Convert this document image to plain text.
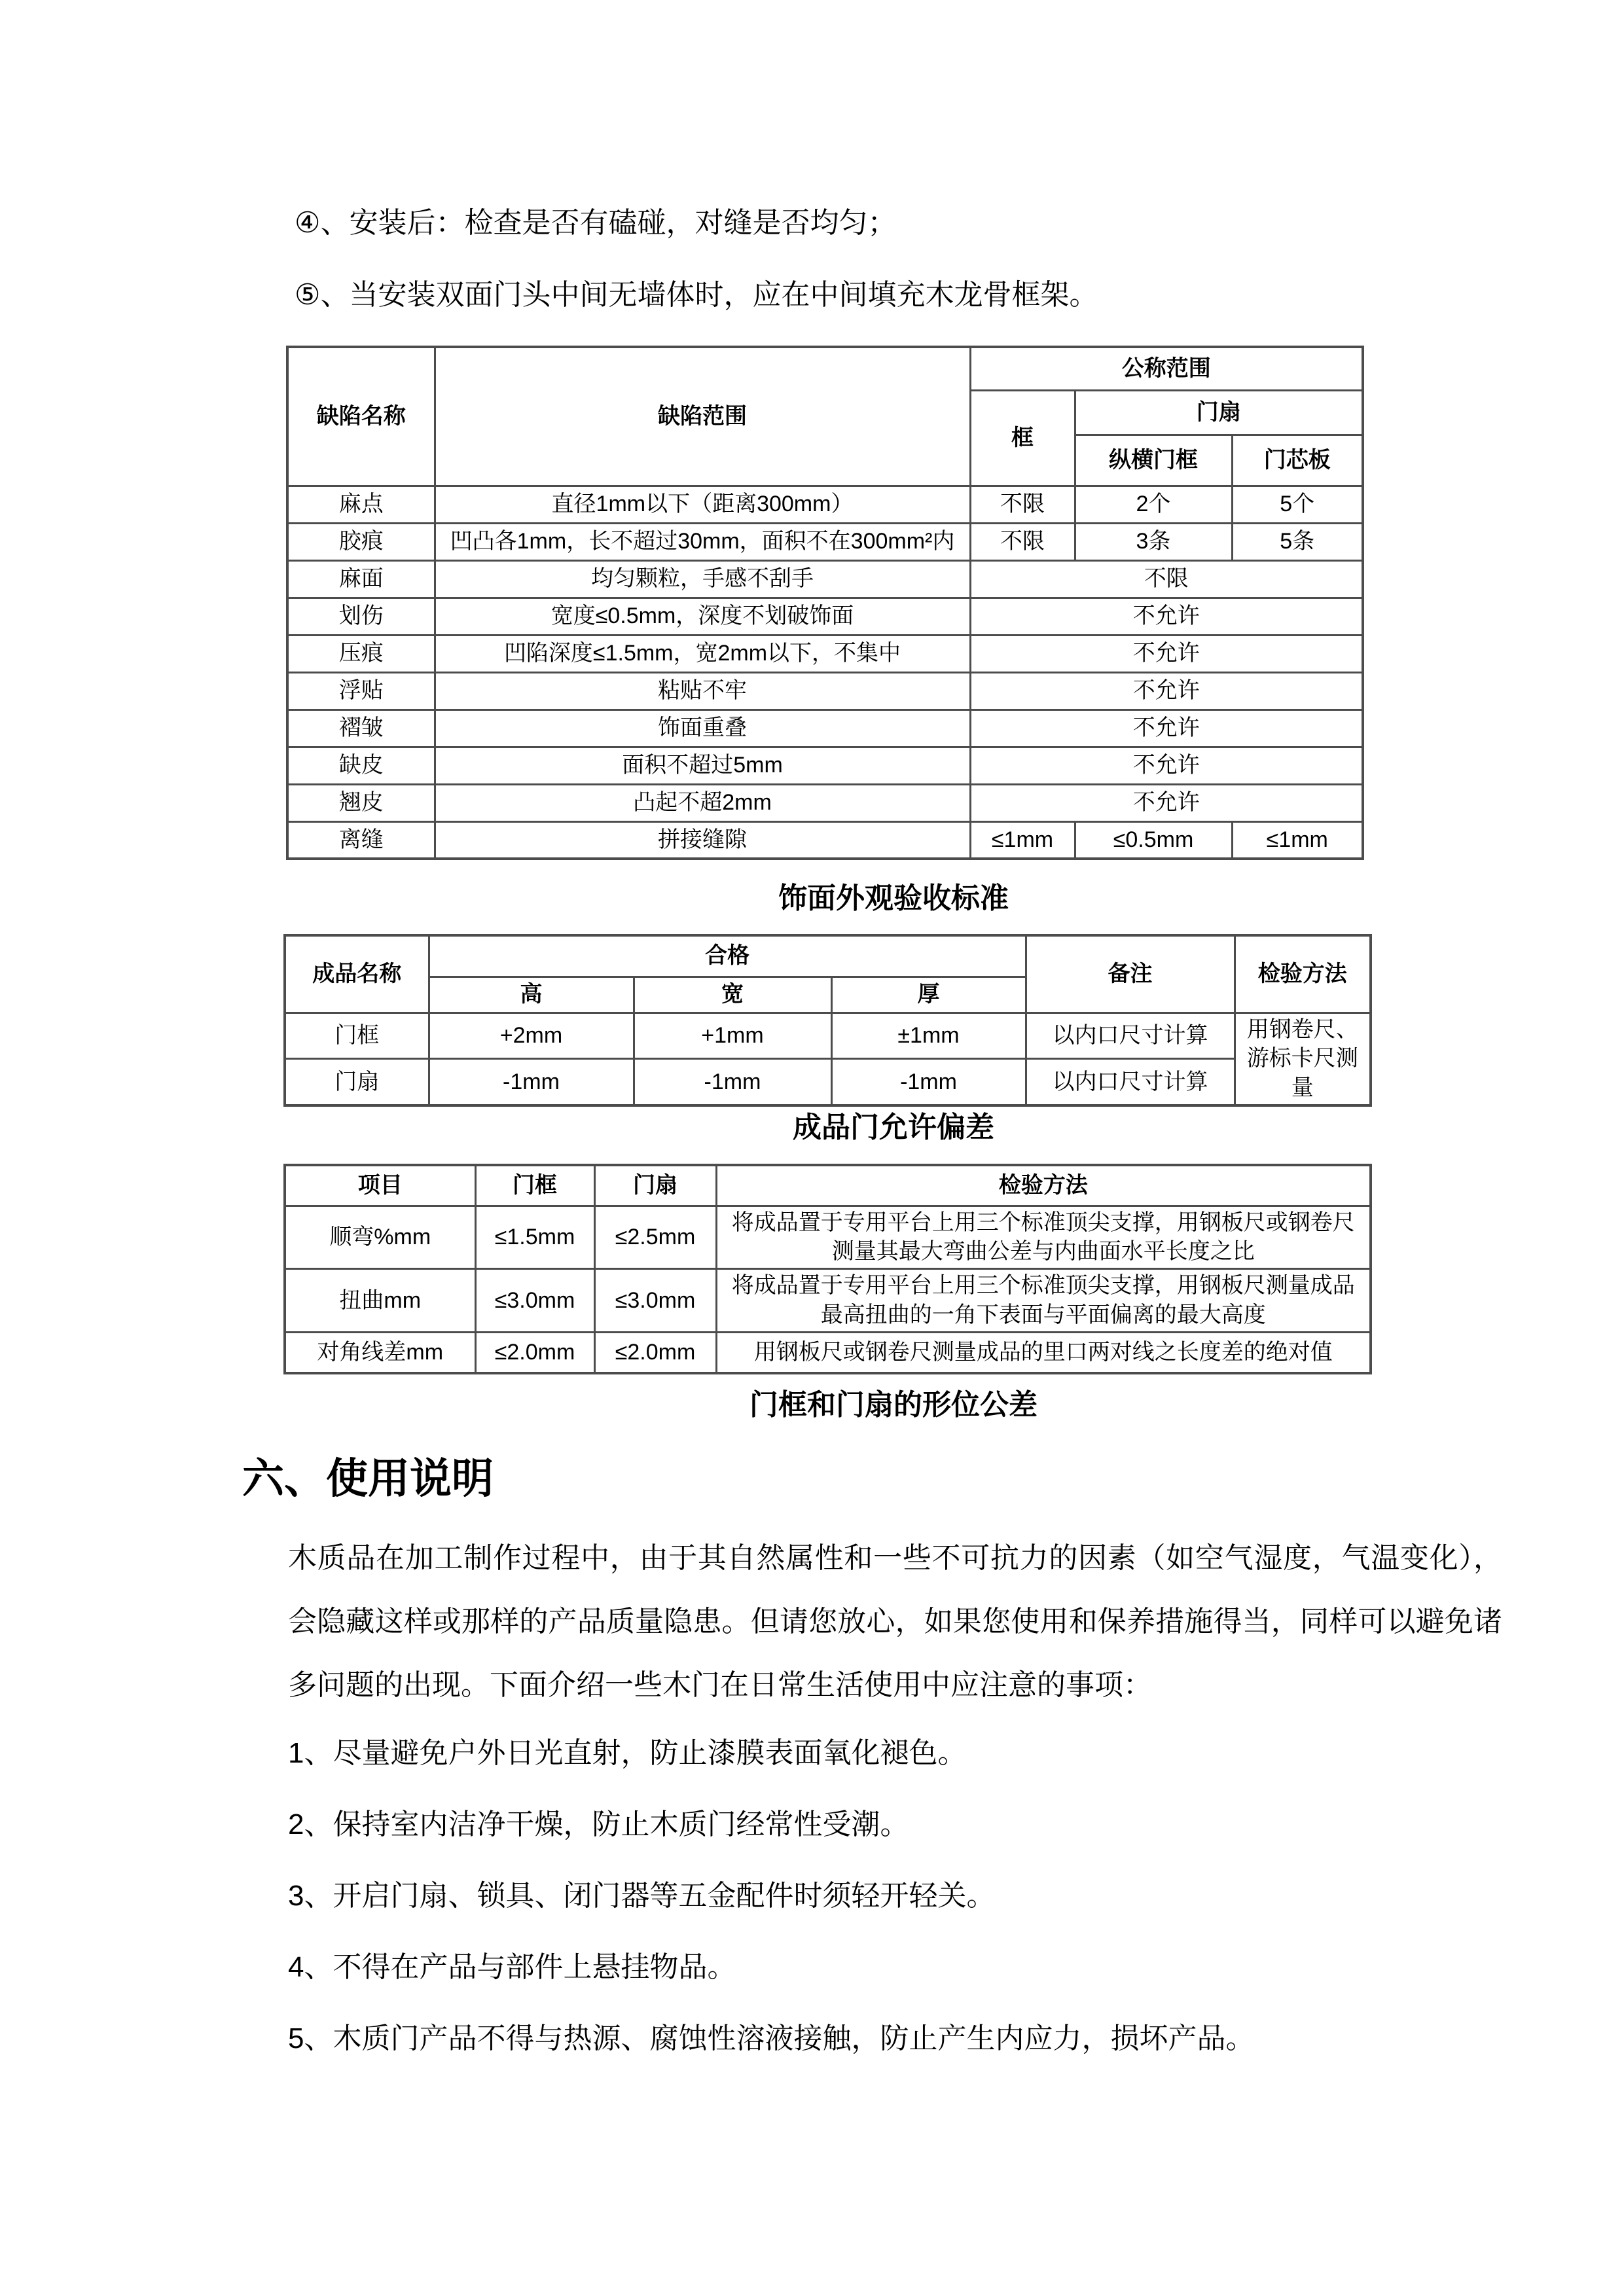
④、安装后：检查是否有磕碰，对缝是否均匀；
⑤、当安装双面门头中间无墙体时，应在中间填充木龙骨框架。
缺陷名称	缺陷范围	公称范围		
		框	门扇	
			纵横门框	门芯板
麻点	直径1mm以下（距离300mm）	不限	2个	5个
胶痕	凹凸各1mm，长不超过30mm，面积不在300mm²内	不限	3条	5条
麻面	均匀颗粒，手感不刮手	不限		
划伤	宽度≤0.5mm，深度不划破饰面	不允许		
压痕	凹陷深度≤1.5mm，宽2mm以下，不集中	不允许		
浮贴	粘贴不牢	不允许		
褶皱	饰面重叠	不允许		
缺皮	面积不超过5mm	不允许		
翘皮	凸起不超2mm	不允许		
离缝	拼接缝隙	≤1mm	≤0.5mm	≤1mm
饰面外观验收标准
成品名称	合格			备注	检验方法
	高	宽	厚		
门框	+2mm	+1mm	±1mm	以内口尺寸计算	用钢卷尺、游标卡尺测量
门扇	-1mm	-1mm	-1mm	以内口尺寸计算	
成品门允许偏差
项目	门框	门扇	检验方法
顺弯%mm	≤1.5mm	≤2.5mm	将成品置于专用平台上用三个标准顶尖支撑，用钢板尺或钢卷尺测量其最大弯曲公差与内曲面水平长度之比
扭曲mm	≤3.0mm	≤3.0mm	将成品置于专用平台上用三个标准顶尖支撑，用钢板尺测量成品最高扭曲的一角下表面与平面偏离的最大高度
对角线差mm	≤2.0mm	≤2.0mm	用钢板尺或钢卷尺测量成品的里口两对线之长度差的绝对值
门框和门扇的形位公差
六、使用说明
木质品在加工制作过程中，由于其自然属性和一些不可抗力的因素（如空气湿度，气温变化），会隐藏这样或那样的产品质量隐患。但请您放心，如果您使用和保养措施得当，同样可以避免诸多问题的出现。下面介绍一些木门在日常生活使用中应注意的事项：
1、尽量避免户外日光直射，防止漆膜表面氧化褪色。
2、保持室内洁净干燥，防止木质门经常性受潮。
3、开启门扇、锁具、闭门器等五金配件时须轻开轻关。
4、不得在产品与部件上悬挂物品。
5、木质门产品不得与热源、腐蚀性溶液接触，防止产生内应力，损坏产品。
